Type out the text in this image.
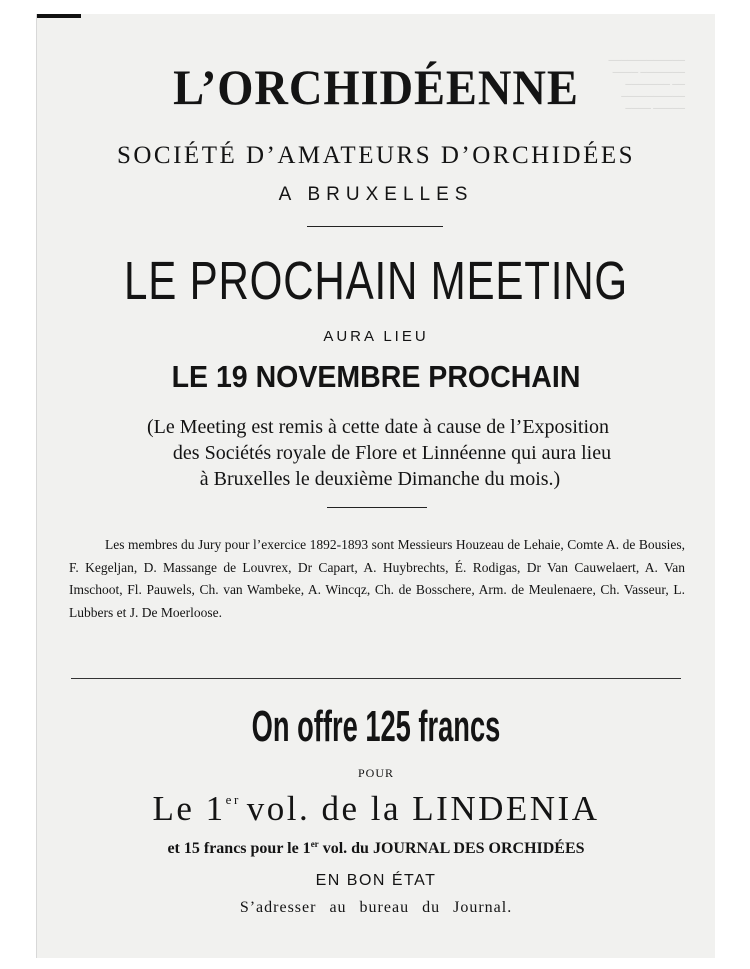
────────────
──── ───────
─────── ──
──────────
──── ─────
L’ORCHIDÉENNE
SOCIÉTÉ D’AMATEURS D’ORCHIDÉES
A BRUXELLES
LE PROCHAIN MEETING
AURA LIEU
LE 19 NOVEMBRE PROCHAIN
(Le Meeting est remis à cette date à cause de l’Exposition
des Sociétés royale de Flore et Linnéenne qui aura lieu
à Bruxelles le deuxième Dimanche du mois.)
Les membres du Jury pour l’exercice 1892-1893 sont Messieurs Houzeau de Lehaie, Comte A. de Bousies, F. Kegeljan, D. Massange de Louvrex, Dr Capart, A. Huybrechts, É. Rodigas, Dr Van Cauwelaert, A. Van Imschoot, Fl. Pauwels, Ch. van Wambeke, A. Wincqz, Ch. de Bosschere, Arm. de Meulenaere, Ch. Vasseur, L. Lubbers et J. De Moerloose.
On offre 125 francs
POUR
Le 1er vol. de la LINDENIA
et 15 francs pour le 1er vol. du JOURNAL DES ORCHIDÉES
EN BON ÉTAT
S’adresser au bureau du Journal.
